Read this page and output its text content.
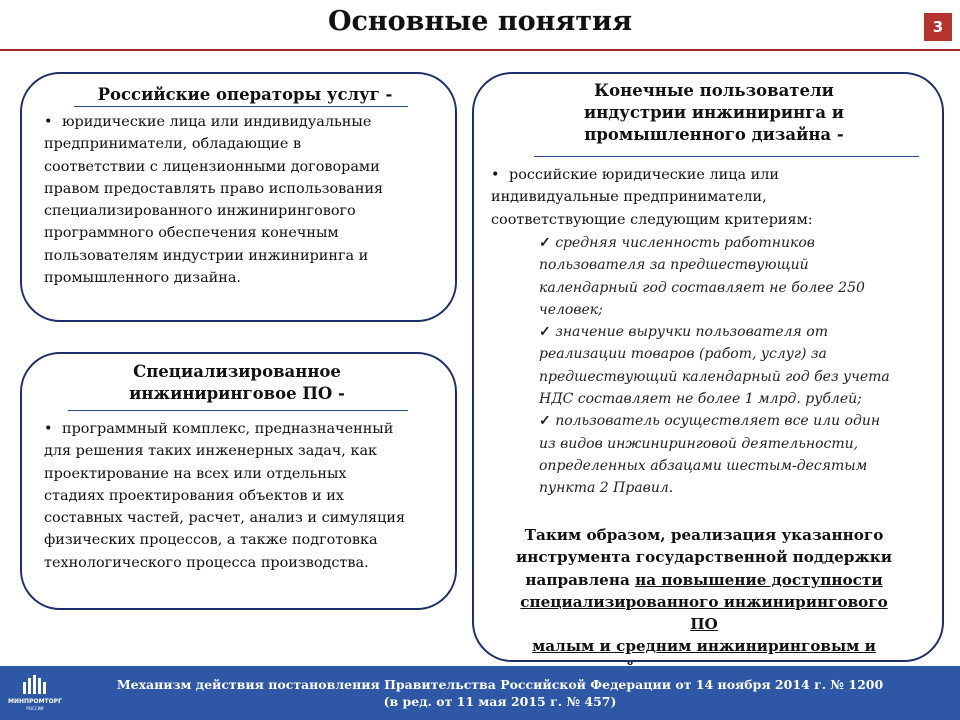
Основные понятия	3
Российские операторы услуг -
• юридические лица или индивидуальные
предприниматели, обладающие в
соответствии с лицензионными договорами
правом предоставлять право использования
специализированного инжинирингового
программного обеспечения конечным
пользователям индустрии инжиниринга и
промышленного дизайна.
Специализированное
инжиниринговое ПО -
• программный комплекс, предназначенный
для решения таких инженерных задач, как
проектирование на всех или отдельных
стадиях проектирования объектов и их
составных частей, расчет, анализ и симуляция
физических процессов, а также подготовка
технологического процесса производства.
Конечные пользователи
индустрии инжиниринга и
промышленного дизайна -
• российские юридические лица или
индивидуальные предприниматели,
соответствующие следующим критериям:
✓ средняя численность работников
пользователя за предшествующий
календарный год составляет не более 250
человек;
✓ значение выручки пользователя от
реализации товаров (работ, услуг) за
предшествующий календарный год без учета
НДС составляет не более 1 млрд. рублей;
✓ пользователь осуществляет все или один
из видов инжиниринговой деятельности,
определенных абзацами шестым-десятым
пункта 2 Правил.
Таким образом, реализация указанного
инструмента государственной поддержки
направлена на повышение доступности
специализированного инжинирингового ПО
малым и средним инжиниринговым и
МИНПРОМТОРГ
РОССИИ
Механизм действия постановления Правительства Российской Федерации от 14 ноября 2014 г. № 1200
(в ред. от 11 мая 2015 г. № 457)
